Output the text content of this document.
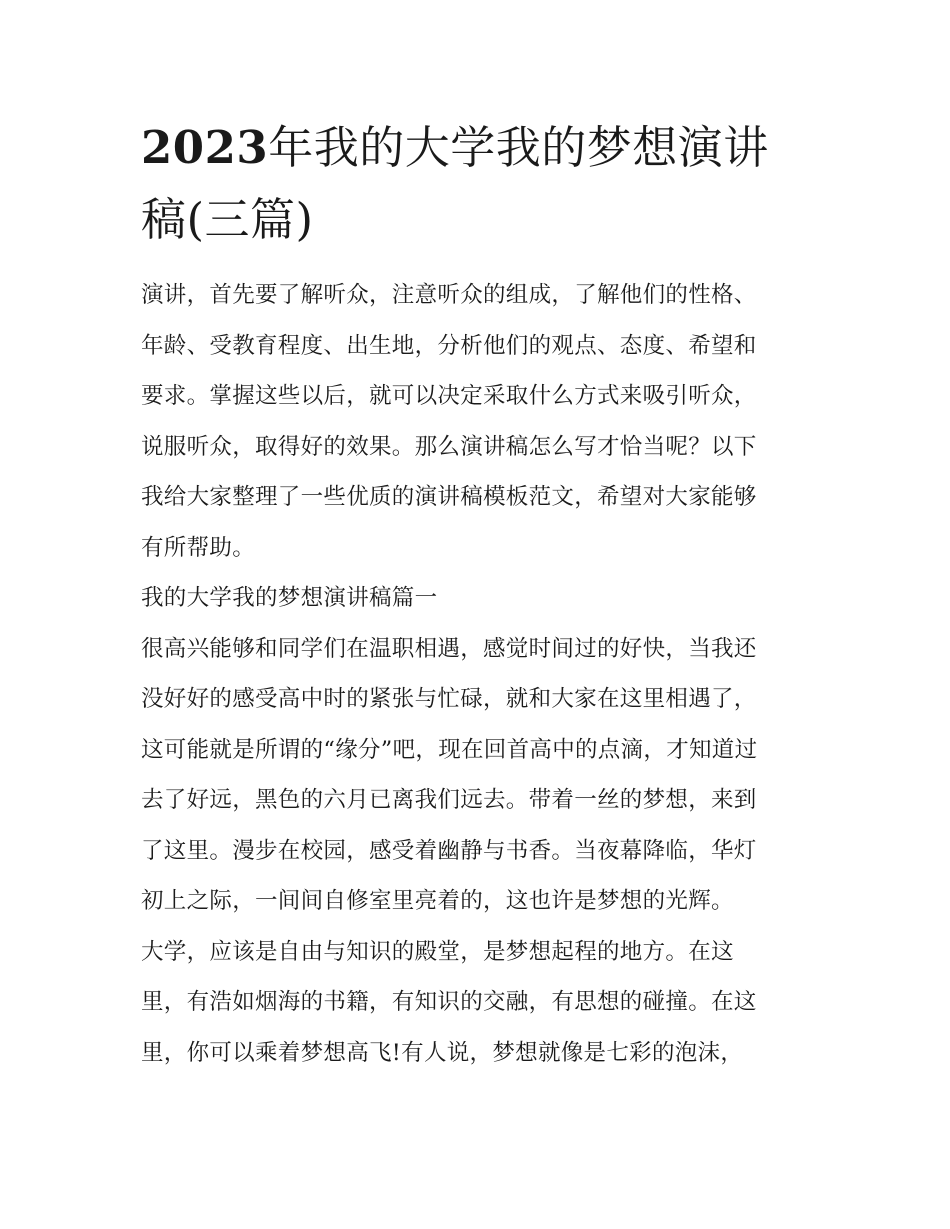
2023年我的大学我的梦想演讲
稿(三篇)
演讲，首先要了解听众，注意听众的组成，了解他们的性格、
年龄、受教育程度、出生地，分析他们的观点、态度、希望和
要求。掌握这些以后，就可以决定采取什么方式来吸引听众，
说服听众，取得好的效果。那么演讲稿怎么写才恰当呢？以下
我给大家整理了一些优质的演讲稿模板范文，希望对大家能够
有所帮助。
我的大学我的梦想演讲稿篇一
很高兴能够和同学们在温职相遇，感觉时间过的好快，当我还
没好好的感受高中时的紧张与忙碌，就和大家在这里相遇了，
这可能就是所谓的“缘分”吧，现在回首高中的点滴，才知道过
去了好远，黑色的六月已离我们远去。带着一丝的梦想，来到
了这里。漫步在校园，感受着幽静与书香。当夜幕降临，华灯
初上之际，一间间自修室里亮着的，这也许是梦想的光辉。
大学，应该是自由与知识的殿堂，是梦想起程的地方。在这
里，有浩如烟海的书籍，有知识的交融，有思想的碰撞。在这
里，你可以乘着梦想高飞!有人说，梦想就像是七彩的泡沫，
